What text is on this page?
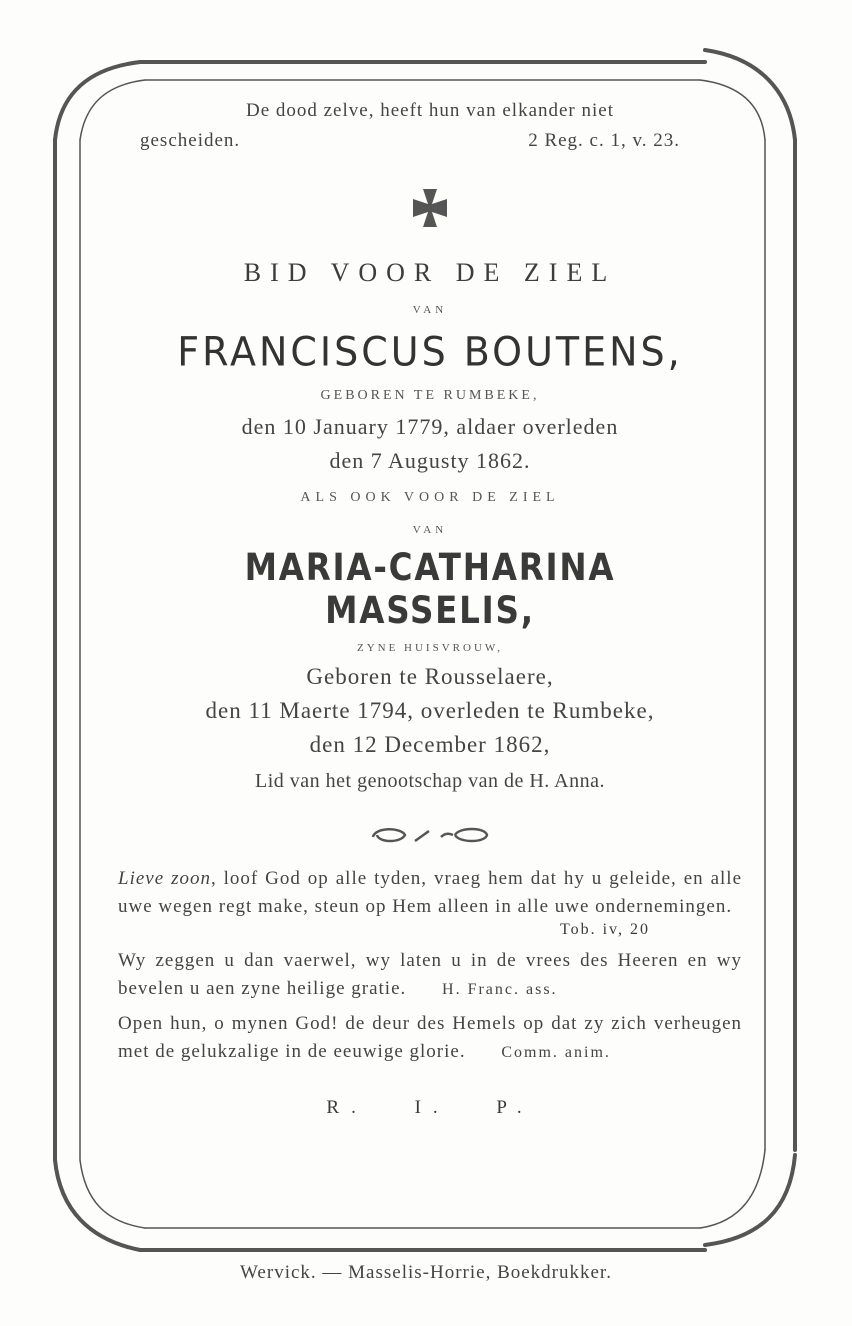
De dood zelve, heeft hun van elkander niet
gescheiden.	2 Reg. c. 1, v. 23.
BID VOOR DE ZIEL
VAN
FRANCISCUS BOUTENS,
GEBOREN TE RUMBEKE,
den 10 January 1779, aldaer overleden
den 7 Augusty 1862.
ALS OOK VOOR DE ZIEL
VAN
MARIA-CATHARINA MASSELIS,
ZYNE HUISVROUW,
Geboren te Rousselaere,
den 11 Maerte 1794, overleden te Rumbeke,
den 12 December 1862,
Lid van het genootschap van de H. Anna.
Lieve zoon, loof God op alle tyden, vraeg hem dat hy u geleide, en alle uwe wegen regt make, steun op Hem alleen in alle uwe ondernemingen.
Tob. iv, 20
Wy zeggen u dan vaerwel, wy laten u in de vrees des Heeren en wy bevelen u aen zyne heilige gratie. H. Franc. ass.
Open hun, o mynen God! de deur des Hemels op dat zy zich verheugen met de gelukzalige in de eeuwige glorie. Comm. anim.
R. I. P.
Wervick. — Masselis-Horrie, Boekdrukker.
